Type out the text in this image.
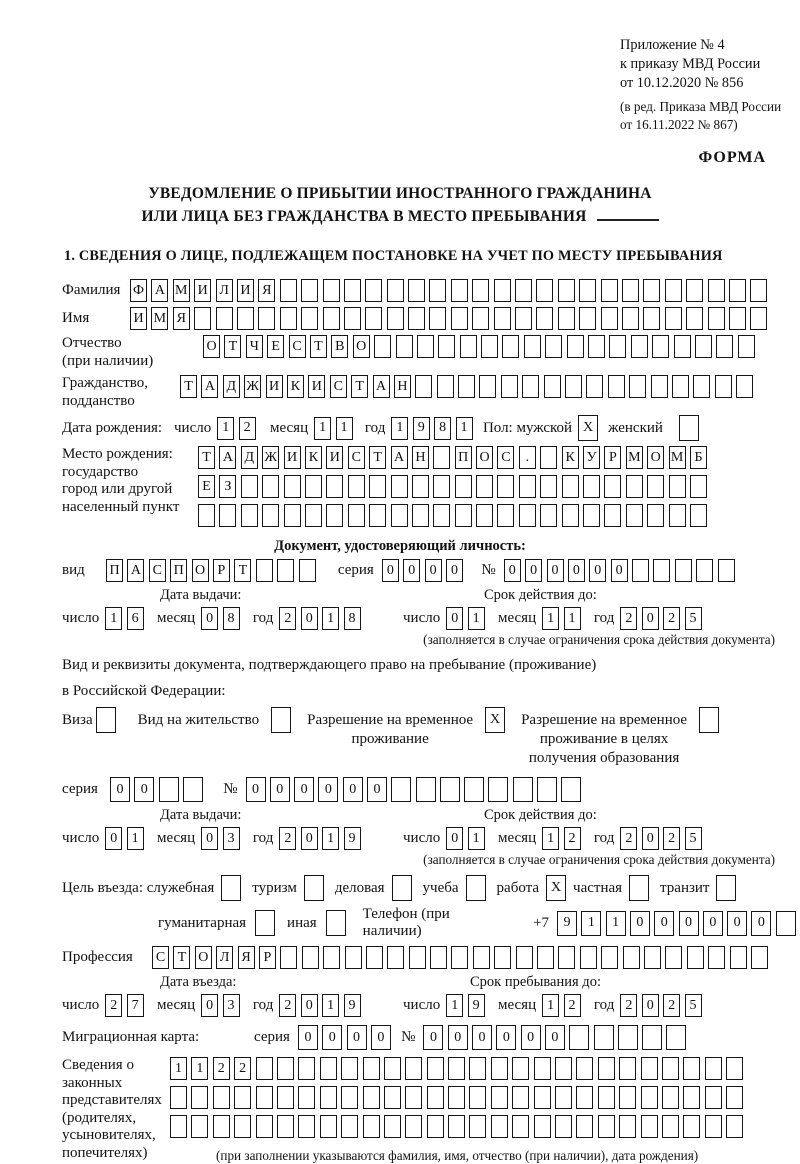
Приложение № 4
к приказу МВД России
от 10.12.2020 № 856
(в ред. Приказа МВД России
от 16.11.2022 № 867)
ФОРМА
УВЕДОМЛЕНИЕ О ПРИБЫТИИ ИНОСТРАННОГО ГРАЖДАНИНА
ИЛИ ЛИЦА БЕЗ ГРАЖДАНСТВА В МЕСТО ПРЕБЫВАНИЯ
1. СВЕДЕНИЯ О ЛИЦЕ, ПОДЛЕЖАЩЕМ ПОСТАНОВКЕ НА УЧЕТ ПО МЕСТУ ПРЕБЫВАНИЯ
Фамилия Ф А М И Л И Я
Имя	И М Я
Отчество
(при наличии)
О Т Ч Е С Т В О
Гражданство,
подданство
Т А Д Ж И К И С Т А Н
Дата рождения: число 1	2	месяц 1	1	год 1	9	8	1	Пол: мужской X женский
Место рождения:
государство
город или другой
населенный пункт
Т А Д Ж И К И С Т А Н П О С	.	К У Р М О М Б
Е З
Документ, удостоверяющий личность:
вид	П А С П О Р Т	серия 0	0	0	0	№ 0	0	0	0	0	0
Дата выдачи:	Срок действия до:
число 1	6	месяц 0	8	год 2	0	1	8	число 0	1	месяц 1	1	год 2	0	2	5
(заполняется в случае ограничения срока действия документа)
Вид и реквизиты документа, подтверждающего право на пребывание (проживание)
в Российской Федерации:
Виза	Вид на жительство	Разрешение на временное
проживание
X	Разрешение на временное
проживание в целях
получения образования
серия	0	0	№	0	0	0	0	0	0
Дата выдачи:	Срок действия до:
число 0	1	месяц 0	3	год 2	0	1	9	число 0	1	месяц 1	2	год 2	0	2	5
(заполняется в случае ограничения срока действия документа)
Цель въезда: служебная	туризм	деловая	учеба	работа X частная	транзит
гуманитарная	иная
Телефон (при наличии)
+7	9	1	1	0	0	0	0	0	0
Профессия	С Т О Л Я Р
Дата въезда:	Срок пребывания до:
число 2	7	месяц 0	3	год 2	0	1	9	число 1	9	месяц 1	2	год 2	0	2	5
Миграционная карта:	серия	0	0	0	0	№	0	0	0	0	0	0
Сведения о
законных
представителях
(родителях,
усыновителях,
попечителях)
1	1	2	2
(при заполнении указываются фамилия, имя, отчество (при наличии), дата рождения)
